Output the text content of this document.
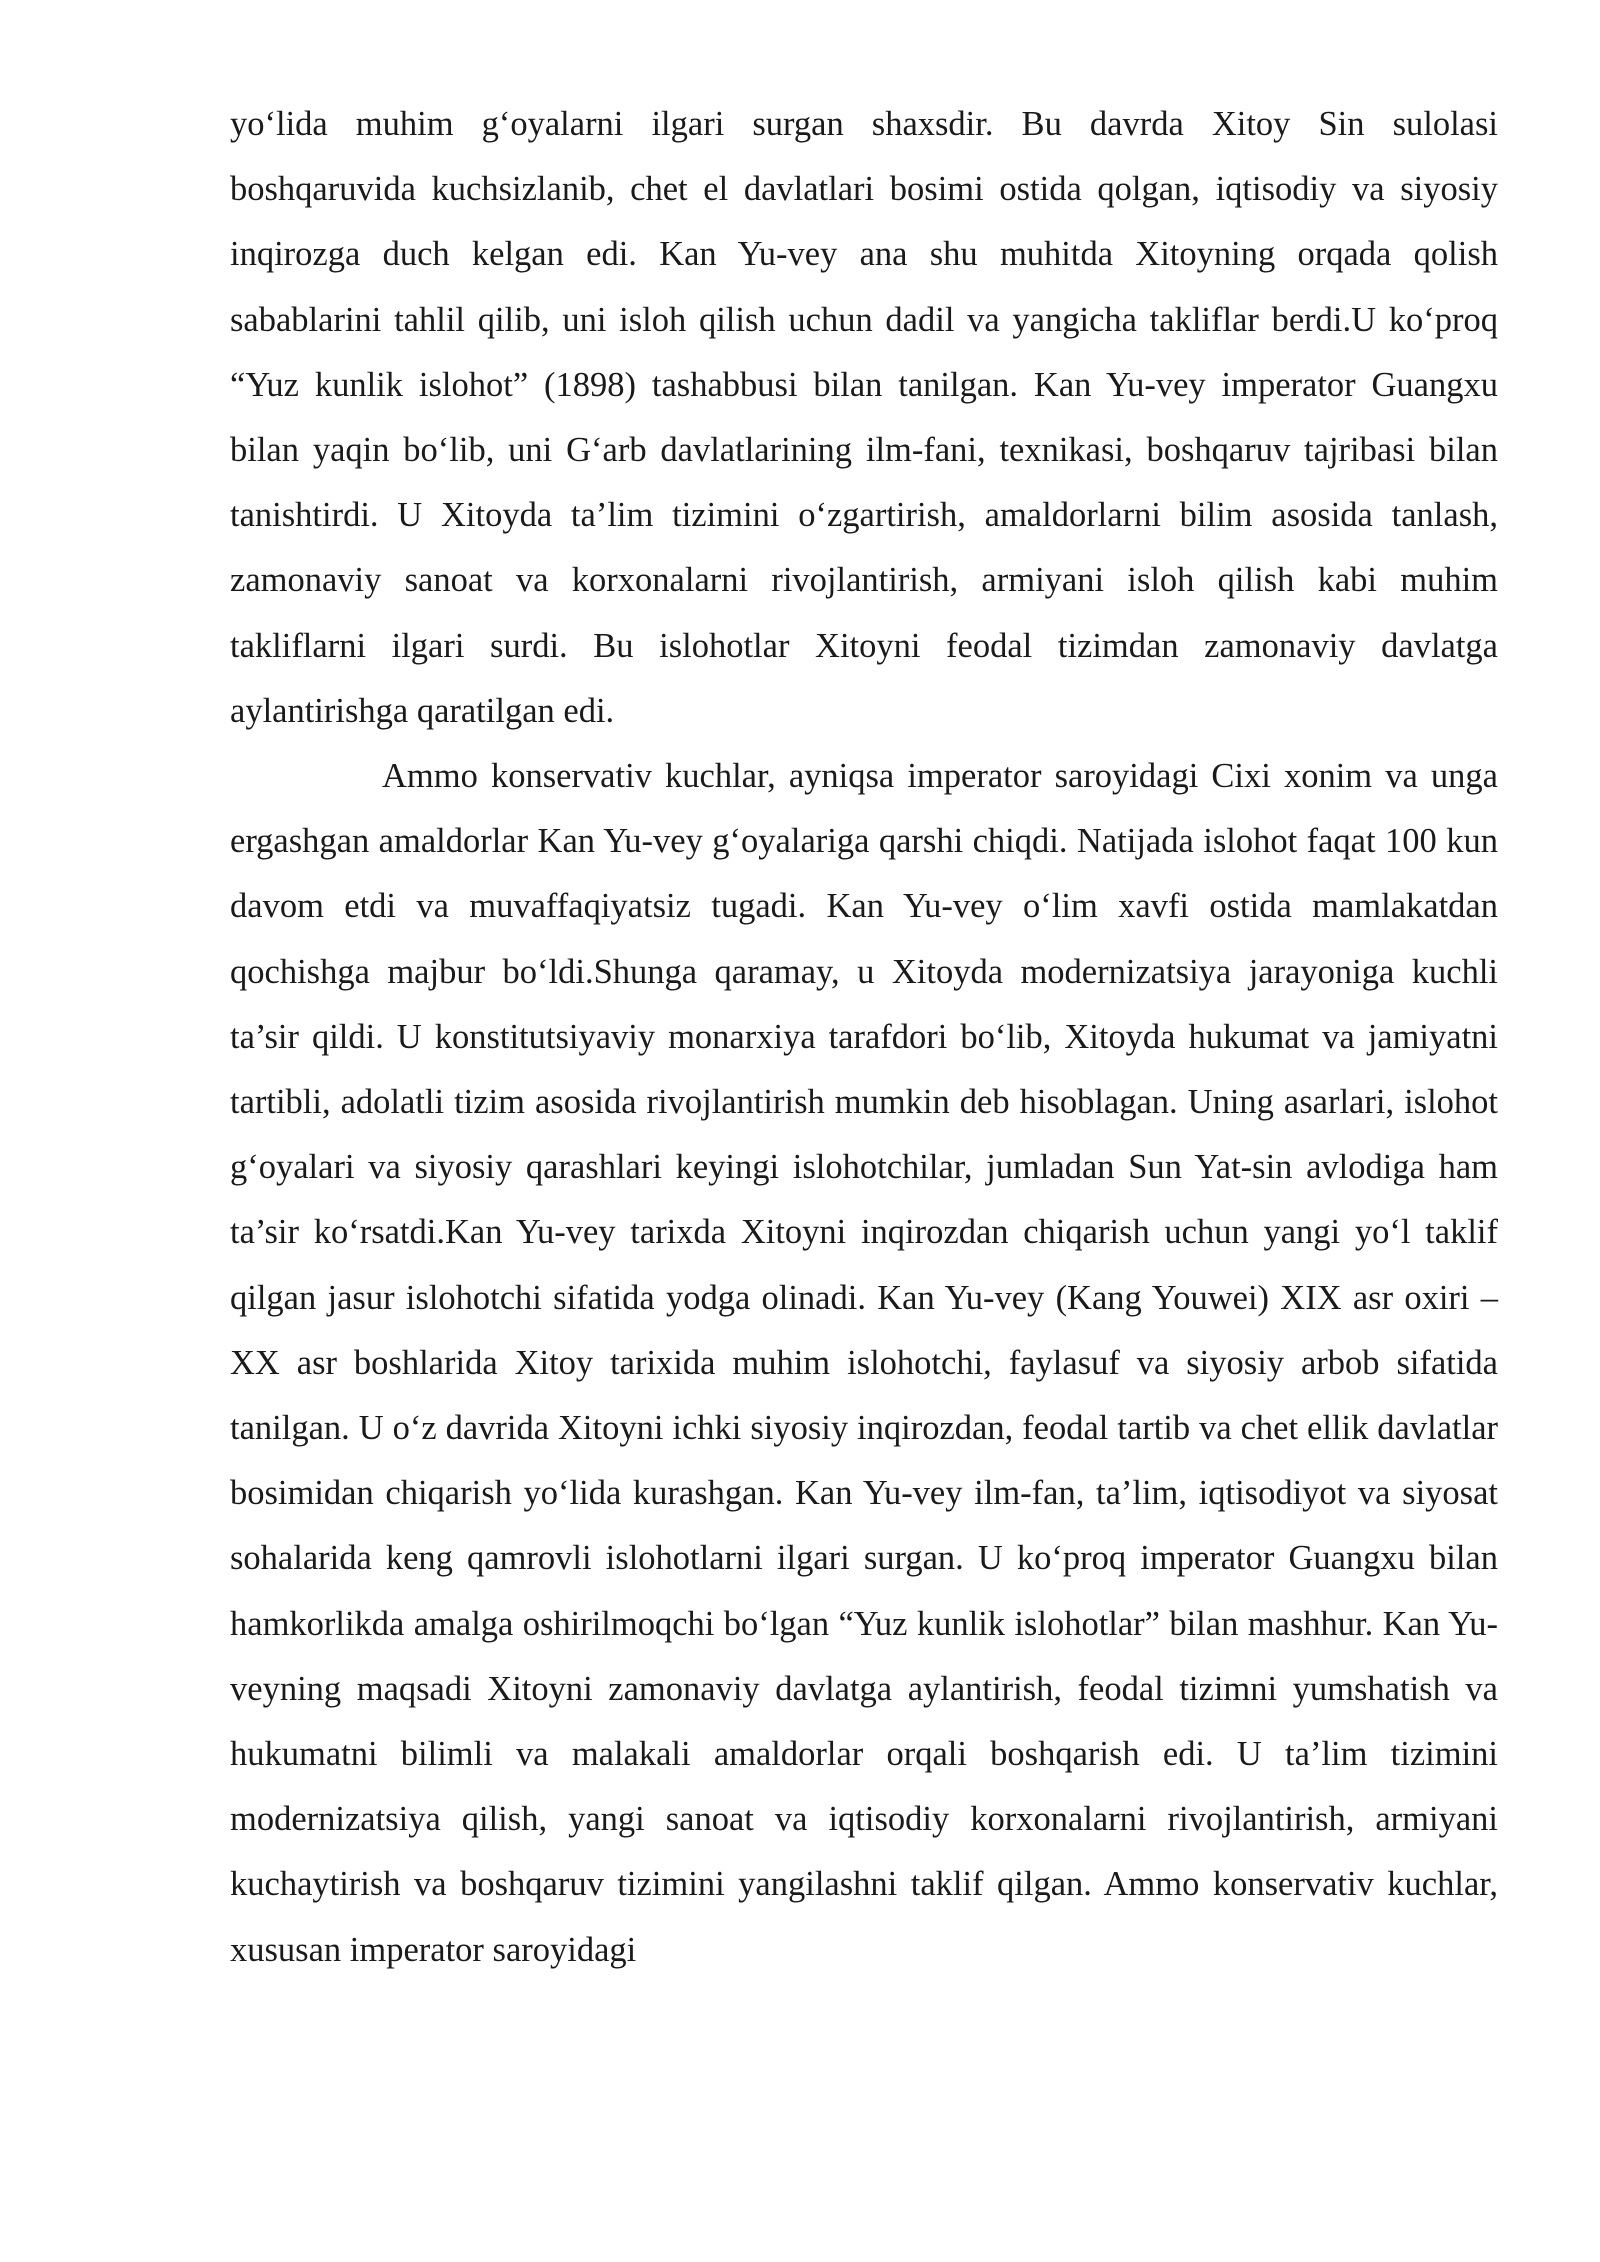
yo‘lida muhim g‘oyalarni ilgari surgan shaxsdir. Bu davrda Xitoy Sin sulolasi boshqaruvida kuchsizlanib, chet el davlatlari bosimi ostida qolgan, iqtisodiy va siyosiy inqirozga duch kelgan edi. Kan Yu-vey ana shu muhitda Xitoyning orqada qolish sabablarini tahlil qilib, uni isloh qilish uchun dadil va yangicha takliflar berdi.U ko‘proq “Yuz kunlik islohot” (1898) tashabbusi bilan tanilgan. Kan Yu-vey imperator Guangxu bilan yaqin bo‘lib, uni G‘arb davlatlarining ilm-fani, texnikasi, boshqaruv tajribasi bilan tanishtirdi. U Xitoyda ta’lim tizimini o‘zgartirish, amaldorlarni bilim asosida tanlash, zamonaviy sanoat va korxonalarni rivojlantirish, armiyani isloh qilish kabi muhim takliflarni ilgari surdi. Bu islohotlar Xitoyni feodal tizimdan zamonaviy davlatga aylantirishga qaratilgan edi.

Ammo konservativ kuchlar, ayniqsa imperator saroyidagi Cixi xonim va unga ergashgan amaldorlar Kan Yu-vey g‘oyalariga qarshi chiqdi. Natijada islohot faqat 100 kun davom etdi va muvaffaqiyatsiz tugadi. Kan Yu-vey o‘lim xavfi ostida mamlakatdan qochishga majbur bo‘ldi.Shunga qaramay, u Xitoyda modernizatsiya jarayoniga kuchli ta’sir qildi. U konstitutsiyaviy monarxiya tarafdori bo‘lib, Xitoyda hukumat va jamiyatni tartibli, adolatli tizim asosida rivojlantirish mumkin deb hisoblagan. Uning asarlari, islohot g‘oyalari va siyosiy qarashlari keyingi islohotchilar, jumladan Sun Yat-sin avlodiga ham ta’sir ko‘rsatdi.Kan Yu-vey tarixda Xitoyni inqirozdan chiqarish uchun yangi yo‘l taklif qilgan jasur islohotchi sifatida yodga olinadi. Kan Yu-vey (Kang Youwei) XIX asr oxiri – XX asr boshlarida Xitoy tarixida muhim islohotchi, faylasuf va siyosiy arbob sifatida tanilgan. U o‘z davrida Xitoyni ichki siyosiy inqirozdan, feodal tartib va chet ellik davlatlar bosimidan chiqarish yo‘lida kurashgan. Kan Yu-vey ilm-fan, ta’lim, iqtisodiyot va siyosat sohalarida keng qamrovli islohotlarni ilgari surgan. U ko‘proq imperator Guangxu bilan hamkorlikda amalga oshirilmoqchi bo‘lgan “Yuz kunlik islohotlar” bilan mashhur. Kan Yu-veyning maqsadi Xitoyni zamonaviy davlatga aylantirish, feodal tizimni yumshatish va hukumatni bilimli va malakali amaldorlar orqali boshqarish edi. U ta’lim tizimini modernizatsiya qilish, yangi sanoat va iqtisodiy korxonalarni rivojlantirish, armiyani kuchaytirish va boshqaruv tizimini yangilashni taklif qilgan. Ammo konservativ kuchlar, xususan imperator saroyidagi
